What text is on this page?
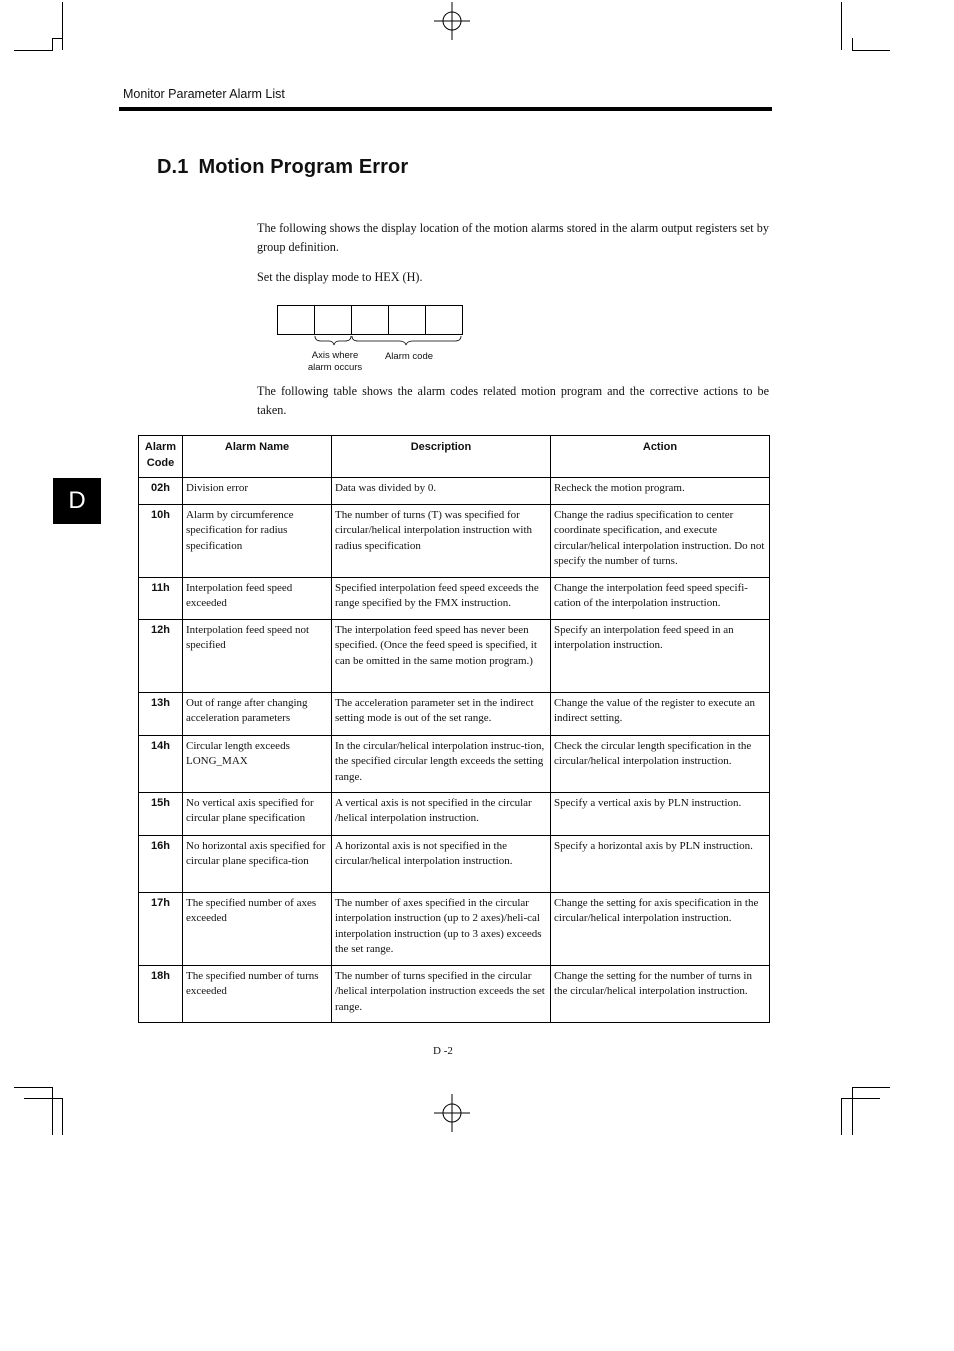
Monitor Parameter Alarm List
D.1 Motion Program Error
The following shows the display location of the motion alarms stored in the alarm output registers set by group definition.
Set the display mode to HEX (H).
Axis where
alarm occurs
Alarm code
The following table shows the alarm codes related motion program and the corrective actions to be taken.
D
Alarm
Code	Alarm Name	Description	Action
02h	Division error	Data was divided by 0.	Recheck the motion program.
10h	Alarm by circumference specification for radius specification	The number of turns (T) was specified for circular/helical interpolation instruction with radius specification	Change the radius specification to center coordinate specification, and execute circular/helical interpolation instruction. Do not specify the number of turns.
11h	Interpolation feed speed exceeded	Specified interpolation feed speed exceeds the range specified by the FMX instruction.	Change the interpolation feed speed specifi-cation of the interpolation instruction.
12h	Interpolation feed speed not specified	The interpolation feed speed has never been specified. (Once the feed speed is specified, it can be omitted in the same motion program.)	Specify an interpolation feed speed in an interpolation instruction.
13h	Out of range after changing acceleration parameters	The acceleration parameter set in the indirect setting mode is out of the set range.	Change the value of the register to execute an indirect setting.
14h	Circular length exceeds LONG_MAX	In the circular/helical interpolation instruc-tion, the specified circular length exceeds the setting range.	Check the circular length specification in the circular/helical interpolation instruction.
15h	No vertical axis specified for circular plane specification	A vertical axis is not specified in the circular /helical interpolation instruction.	Specify a vertical axis by PLN instruction.
16h	No horizontal axis specified for circular plane specifica-tion	A horizontal axis is not specified in the circular/helical interpolation instruction.	Specify a horizontal axis by PLN instruction.
17h	The specified number of axes exceeded	The number of axes specified in the circular interpolation instruction (up to 2 axes)/heli-cal interpolation instruction (up to 3 axes) exceeds the set range.	Change the setting for axis specification in the circular/helical interpolation instruction.
18h	The specified number of turns exceeded	The number of turns specified in the circular /helical interpolation instruction exceeds the set range.	Change the setting for the number of turns in the circular/helical interpolation instruction.
D -2
